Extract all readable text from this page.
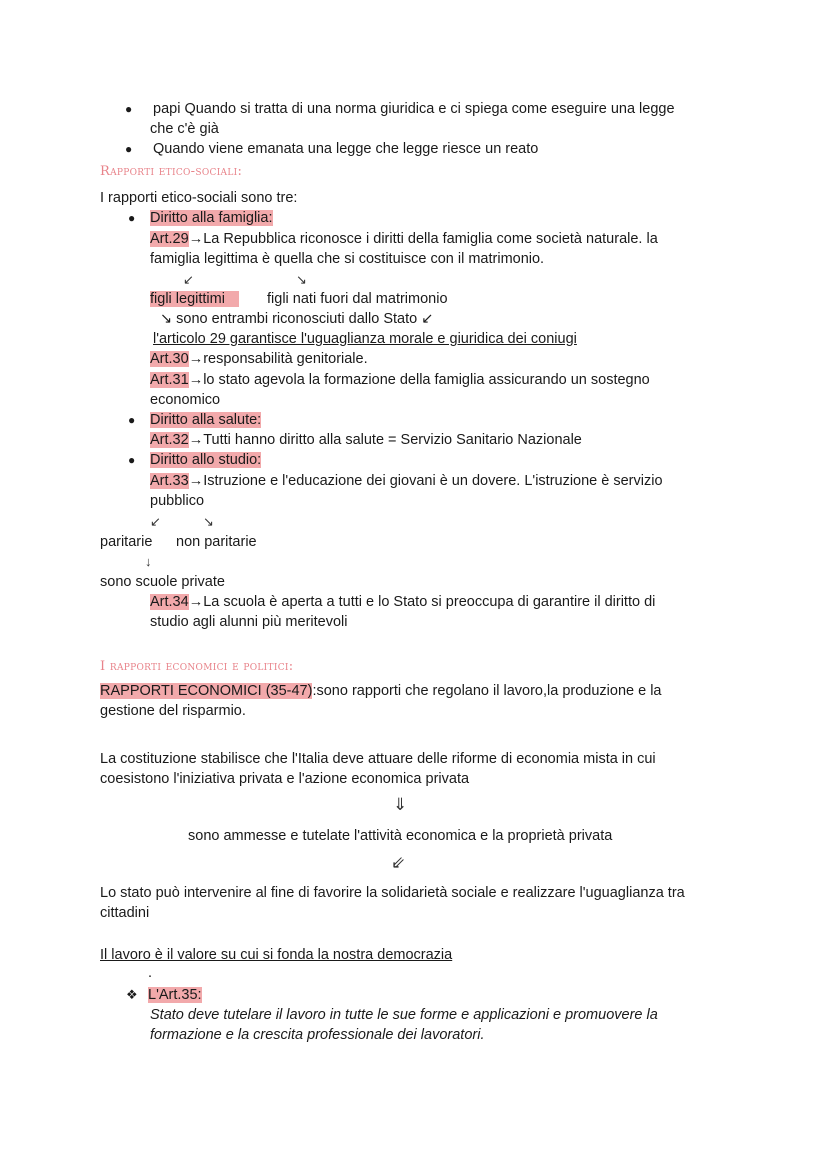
● papi Quando si tratta di una norma giuridica e ci spiega come eseguire una legge
che c'è già
● Quando viene emanata una legge che legge riesce un reato
Rapporti etico-sociali:
I rapporti etico-sociali sono tre:
● Diritto alla famiglia:
Art.29→La Repubblica riconosce i diritti della famiglia come società naturale. la
famiglia legittima è quella che si costituisce con il matrimonio.
↙	↘
figli legittimi	figli nati fuori dal matrimonio
↘ sono entrambi riconosciuti dallo Stato ↙
l'articolo 29 garantisce l'uguaglianza morale e giuridica dei coniugi
Art.30→responsabilità genitoriale.
Art.31→lo stato agevola la formazione della famiglia assicurando un sostegno
economico
● Diritto alla salute:
Art.32→Tutti hanno diritto alla salute = Servizio Sanitario Nazionale
● Diritto allo studio:
Art.33→Istruzione e l'educazione dei giovani è un dovere. L'istruzione è servizio
pubblico
↙	↘
paritarie non paritarie
↓
sono scuole private
Art.34→La scuola è aperta a tutti e lo Stato si preoccupa di garantire il diritto di
studio agli alunni più meritevoli
I rapporti economici e politici:
RAPPORTI ECONOMICI (35-47):sono rapporti che regolano il lavoro,la produzione e la
gestione del risparmio.
La costituzione stabilisce che l'Italia deve attuare delle riforme di economia mista in cui
coesistono l'iniziativa privata e l'azione economica privata
⇓
sono ammesse e tutelate l'attività economica e la proprietà privata
⇙
Lo stato può intervenire al fine di favorire la solidarietà sociale e realizzare l'uguaglianza tra
cittadini
Il lavoro è il valore su cui si fonda la nostra democrazia
.
❖ L'Art.35:
Stato deve tutelare il lavoro in tutte le sue forme e applicazioni e promuovere la
formazione e la crescita professionale dei lavoratori.
